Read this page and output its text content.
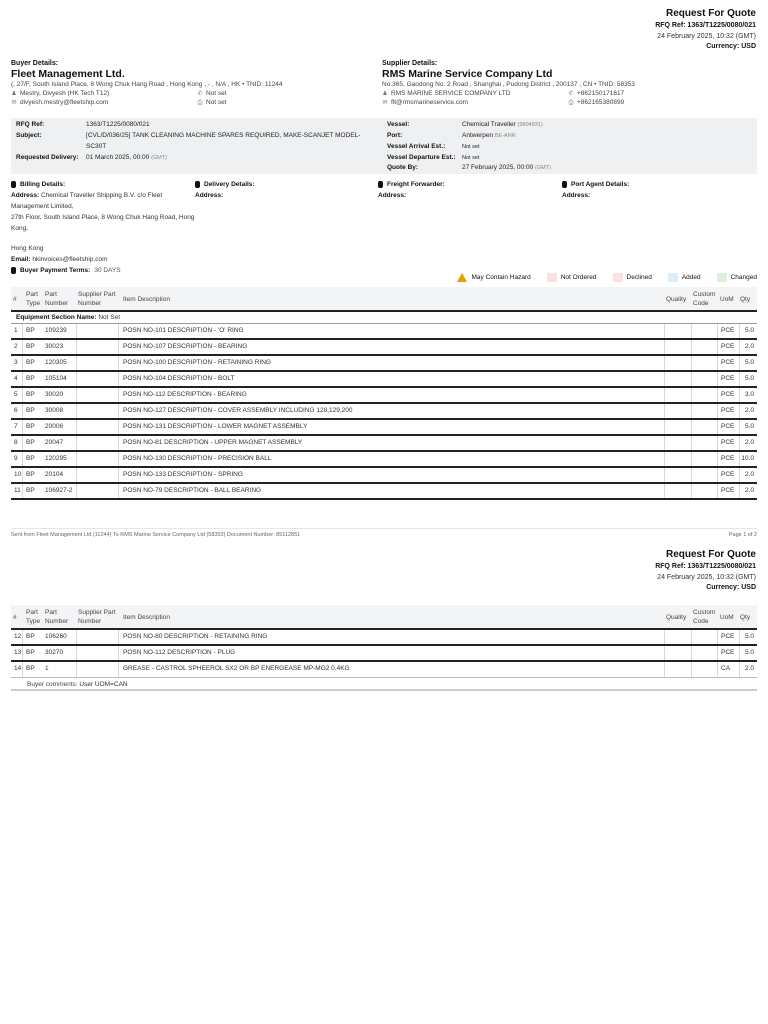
Request For Quote
RFQ Ref: 1363/T1225/0080/021
24 February 2025, 10:32 (GMT)
Currency: USD
Buyer Details:
Fleet Management Ltd.
(, 27/F, South Island Place, 8 Wong Chuk Hang Road , Hong Kong , - , N/A , HK • TNID: 11244
♟ Mestry, Divyesh (HK Tech T12)	✆ Not set
✉ divyesh.mestry@fleetship.com	⎙ Not set
Supplier Details:
RMS Marine Service Company Ltd
No.365, Gaodong No. 2 Road , Shanghai , Pudong District , 200137 , CN • TNID: 58353
♟ RMS MARINE SERVICE COMPANY LTD	✆ +862150171617
✉ flt@rmsmarineservice.com	⎙ +862165380899
RFQ Ref:	1363/T1225/0080/021
Subject:	[CVL/D/036/25] TANK CLEANING MACHINE SPARES REQUIRED, MAKE-SCANJET MODEL-
SC30T
Requested Delivery: 01 March 2025, 00:00 (GMT)
Vessel:	Chemical Traveller (9804831)
Port:	Antwerpen BE-ANR
Vessel Arrival Est.:	Not set
Vessel Departure Est.: Not set
Quote By:	27 February 2025, 00:00 (GMT)
Billing Details:
Address: Chemical Traveller Shipping B.V. c/o Fleet
Management Limited,
27th Floor, South Island Place, 8 Wong Chuk Hang Road, Hong
Kong,
Hong Kong
Email: hkinvoices@fleetship.com
Buyer Payment Terms: 30 DAYS
Delivery Details:
Address:
Freight Forwarder:
Address:
Port Agent Details:
Address:
May Contain Hazard	Not Ordered	Declined	Added	Changed
#
Part
Type
Part
Number
Supplier Part
Number
Item Description	Quality
Custom
Code
UoM Qty
Equipment Section Name: Not Set
1 BP 109239	POSN NO-101 DESCRIPTION - 'O' RING	PCE 5.0
2 BP 30023	POSN NO-107 DESCRIPTION - BEARING	PCE 2.0
3 BP 120305	POSN NO-100 DESCRIPTION - RETAINING RING	PCE 5.0
4 BP 105104	POSN NO-104 DESCRIPTION - BOLT	PCE 5.0
5 BP 30020	POSN NO-112 DESCRIPTION - BEARING	PCE 3.0
6 BP 30008	POSN NO-127 DESCRIPTION - COVER ASSEMBLY INCLUDING 128,129,200	PCE 2.0
7 BP 20006	POSN NO-131 DESCRIPTION - LOWER MAGNET ASSEMBLY	PCE 5.0
8 BP 20047	POSN NO-81 DESCRIPTION - UPPER MAGNET ASSEMBLY	PCE 2.0
9 BP 120295	POSN NO-130 DESCRIPTION - PRECISION BALL	PCE 10.0
10 BP 20104	POSN NO-133 DESCRIPTION - SPRING	PCE 2.0
11 BP 106927-2	POSN NO-79 DESCRIPTION - BALL BEARING	PCE 2.0
Sent from Fleet Management Ltd (11244) To RMS Marine Service Company Ltd (58353) Document Number: 85112851	Page 1 of 2
Request For Quote
RFQ Ref: 1363/T1225/0080/021
24 February 2025, 10:32 (GMT)
Currency: USD
#
Part
Type
Part
Number
Supplier Part
Number
Item Description	Quality
Custom
Code
UoM Qty
12 BP 106260	POSN NO-80 DESCRIPTION - RETAINING RING	PCE 5.0
13 BP 30270	POSN NO-112 DESCRIPTION - PLUG	PCE 5.0
14 BP 1	GREASE - CASTROL SPHEEROL SX2 OR BP ENERGEASE MP-MG2 0.4KG	CA 2.0
Buyer comments: User UOM=CAN
